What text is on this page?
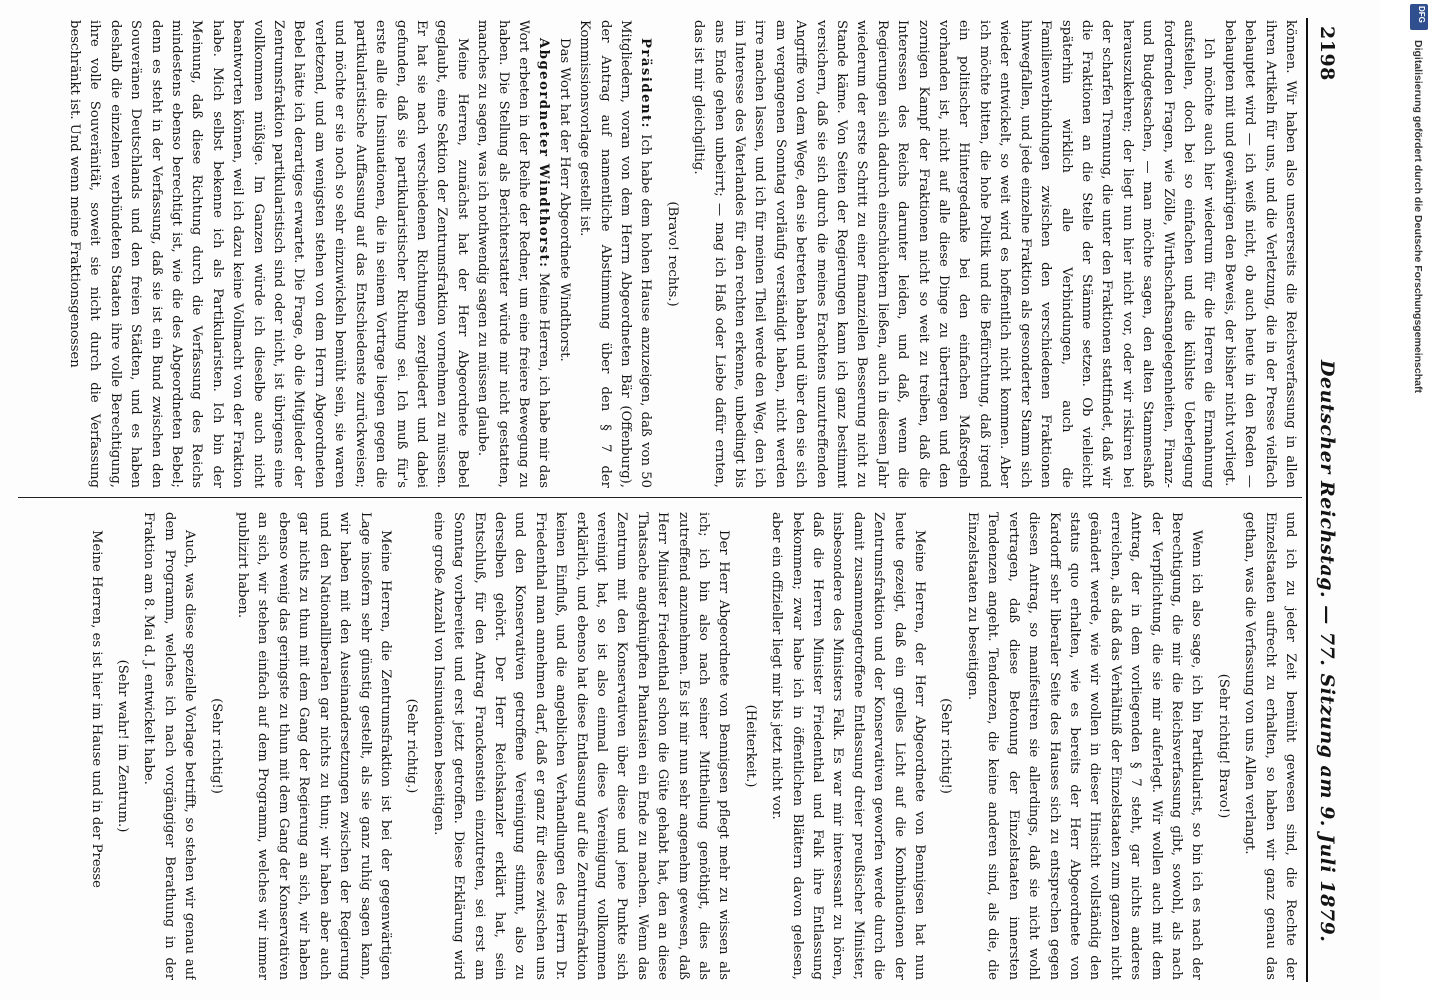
2198
Deutscher Reichstag. — 77. Sitzung am 9. Juli 1879.

können. Wir haben also unsererseits die Reichsverfassung in allen ihren Artikeln für uns, und die Verletzung, die in der Presse vielfach behauptet wird — ich weiß nicht, ob auch heute in den Reden — behaupten mit und gewährigen den Beweis, der bisher nicht vorliegt.

Ich möchte auch hier wiederum für die Herren die Ermahnung aufstellen, doch bei so einfachen und die kühlste Ueberlegung fordernden Fragen, wie Zölle, Wirthschaftsangelegenheiten, Finanz- und Budgetsachen, — man möchte sagen, den alten Stammeshaß herauszukehren; der liegt nun hier nicht vor, oder wir riskiren bei der scharfen Trennung, die unter den Fraktionen stattfindet, daß wir die Fraktionen an die Stelle der Stämme setzen. Ob vielleicht späterhin wirklich alle Verbindungen, auch die Familienverbindungen zwischen den verschiedenen Fraktionen hinwegfallen, und jede einzelne Fraktion als gesonderter Stamm sich wieder entwickelt, so weit wird es hoffentlich nicht kommen. Aber ich möchte bitten, die hohe Politik und die Befürchtung, daß irgend ein politischer Hintergedanke bei den einfachen Maßregeln vorhanden ist, nicht auf alle diese Dinge zu übertragen und den zornigen Kampf der Fraktionen nicht so weit zu treiben, daß die Interessen des Reichs darunter leiden, und daß, wenn die Regierungen sich dadurch einschüchtern ließen, auch in diesem Jahr wiederum der erste Schritt zu einer finanziellen Besserung nicht zu Stande käme. Von Seiten der Regierungen kann ich ganz bestimmt versichern, daß sie sich durch die meines Erachtens unzutreffenden Angriffe von dem Wege, den sie betreten haben und über den sie sich am vergangenen Sonntag vorläufig verständigt haben, nicht werden irre machen lassen, und ich für meinen Theil werde den Weg, den ich im Interesse des Vaterlandes für den rechten erkenne, unbedingt bis ans Ende gehen unbeirrt; — mag ich Haß oder Liebe dafür ernten, das ist mir gleichgiltig.

(Bravo! rechts.)

Präsident: Ich habe dem hohen Hause anzuzeigen, daß von 50 Mitgliedern, voran von dem Herrn Abgeordneten Bär (Offenburg), der Antrag auf namentliche Abstimmung über den § 7 der Kommissionsvorlage gestellt ist.

Das Wort hat der Herr Abgeordnete Windthorst.

Abgeordneter Windthorst: Meine Herren, ich habe mir das Wort erbeten in der Reihe der Redner, um eine freiere Bewegung zu haben. Die Stellung als Berichterstatter würde mir nicht gestatten, manches zu sagen, was ich nothwendig sagen zu müssen glaube.

Meine Herren, zunächst hat der Herr Abgeordnete Bebel geglaubt, eine Sektion der Zentrumsfraktion vornehmen zu müssen. Er hat sie nach verschiedenen Richtungen zergliedert und dabei gefunden, daß sie partikularistischer Richtung sei. Ich muß für's erste alle die Insinuationen, die in seinem Vortrage liegen gegen die partikularistische Auffassung auf das Entschiedenste zurückweisen; und möchte er sie noch so sehr einzuwickeln bemüht sein, sie waren verletzend, und am wenigsten stehen von dem Herrn Abgeordneten Bebel hätte ich derartiges erwartet. Die Frage, ob die Mitglieder der Zentrumsfraktion partikularistisch sind oder nicht, ist übrigens eine vollkommen müßige. Im Ganzen würde ich dieselbe auch nicht beantworten können, weil ich dazu keine Vollmacht von der Fraktion habe. Mich selbst bekenne ich als Partikularisten. Ich bin der Meinung, daß diese Richtung durch die Verfassung des Reichs mindestens ebenso berechtigt ist, wie die des Abgeordneten Bebel; denn es steht in der Verfassung, daß sie ist ein Bund zwischen den Souveränen Deutschlands und den freien Städten, und es haben deshalb die einzelnen verbündeten Staaten ihre volle Berechtigung, ihre volle Souveränität, soweit sie nicht durch die Verfassung beschränkt ist. Und wenn meine Fraktionsgenossen

und ich zu jeder Zeit bemüht gewesen sind, die Rechte der Einzelstaaten aufrecht zu erhalten, so haben wir ganz genau das gethan, was die Verfassung von uns Allen verlangt.

(Sehr richtig! Bravo!)

Wenn ich also sage, ich bin Partikularist, so bin ich es nach der Berechtigung, die mir die Reichsverfassung gibt, sowohl, als nach der Verpflichtung, die sie mir auferlegt. Wir wollen auch mit dem Antrag, der in dem vorliegenden § 7 steht, gar nichts anderes erreichen, als daß das Verhältniß der Einzelstaaten zum ganzen nicht geändert werde, wie wir wollen in dieser Hinsicht vollständig den status quo erhalten, wie es bereits der Herr Abgeordnete von Kardorff sehr liberaler Seite des Hauses sich zu entsprechen gegen diesen Antrag, so manifestiren sie allerdings, daß sie nicht wohl vertragen, daß diese Betonung der Einzelstaaten innersten Tendenzen angeht. Tendenzen, die keine anderen sind, als die, die Einzelstaaten zu beseitigen.

(Sehr richtig!)

Meine Herren, der Herr Abgeordnete von Bennigsen hat nun heute gezeigt, daß ein grelles Licht auf die Kombinationen der Zentrumsfraktion und der Konservativen geworfen werde durch die damit zusammengetroffene Entlassung dreier preußischer Minister, insbesondere des Ministers Falk. Es war mir interessant zu hören, daß die Herren Minister Friedenthal und Falk ihre Entlassung bekommen; zwar habe ich in öffentlichen Blättern davon gelesen, aber ein offizieller liegt mir bis jetzt nicht vor.

(Heiterkeit.)

Der Herr Abgeordnete von Bennigsen pflegt mehr zu wissen als ich; ich bin also nach seiner Mittheilung genöthigt, dies als zutreffend anzunehmen. Es ist mir nun sehr angenehm gewesen, daß Herr Minister Friedenthal schon die Güte gehabt hat, den an diese Thatsache angeknüpften Phantasien ein Ende zu machen. Wenn das Zentrum mit den Konservativen über diese und jene Punkte sich vereinigt hat, so ist also einmal diese Vereinigung vollkommen erklärlich, und ebenso hat diese Entlassung auf die Zentrumsfraktion keinen Einfluß, und die angeblichen Verhandlungen des Herrn Dr. Friedenthal man annehmen darf, daß er ganz für diese zwischen uns und den Konservativen getroffene Vereinigung stimmt, also zu derselben gehört. Der Herr Reichskanzler erklärt hat, sein Entschluß, für den Antrag Franckenstein einzutreten, sei erst am Sonntag vorbereitet und erst jetzt getroffen. Diese Erklärung wird eine große Anzahl von Insinuationen beseitigen.

(Sehr richtig.)

Meine Herren, die Zentrumsfraktion ist bei der gegenwärtigen Lage insofern sehr günstig gestellt, als sie ganz ruhig sagen kann, wir haben mit den Auseinandersetzungen zwischen der Regierung und den Nationalliberalen gar nichts zu thun; wir haben aber auch gar nichts zu thun mit dem Gang der Regierung an sich, wir haben ebenso wenig das geringste zu thun mit dem Gang der Konservativen an sich, wir stehen einfach auf dem Programm, welches wir immer publizirt haben.

(Sehr richtig!)

Auch, was diese spezielle Vorlage betrifft, so stehen wir genau auf dem Programm, welches ich nach vorgängiger Berathung in der Fraktion am 8. Mai d. J. entwickelt habe.

(Sehr wahr! im Zentrum.)

Meine Herren, es ist hier im Hause und in der Presse

DFG
Digitalisierung gefördert durch die Deutsche Forschungsgemeinschaft
